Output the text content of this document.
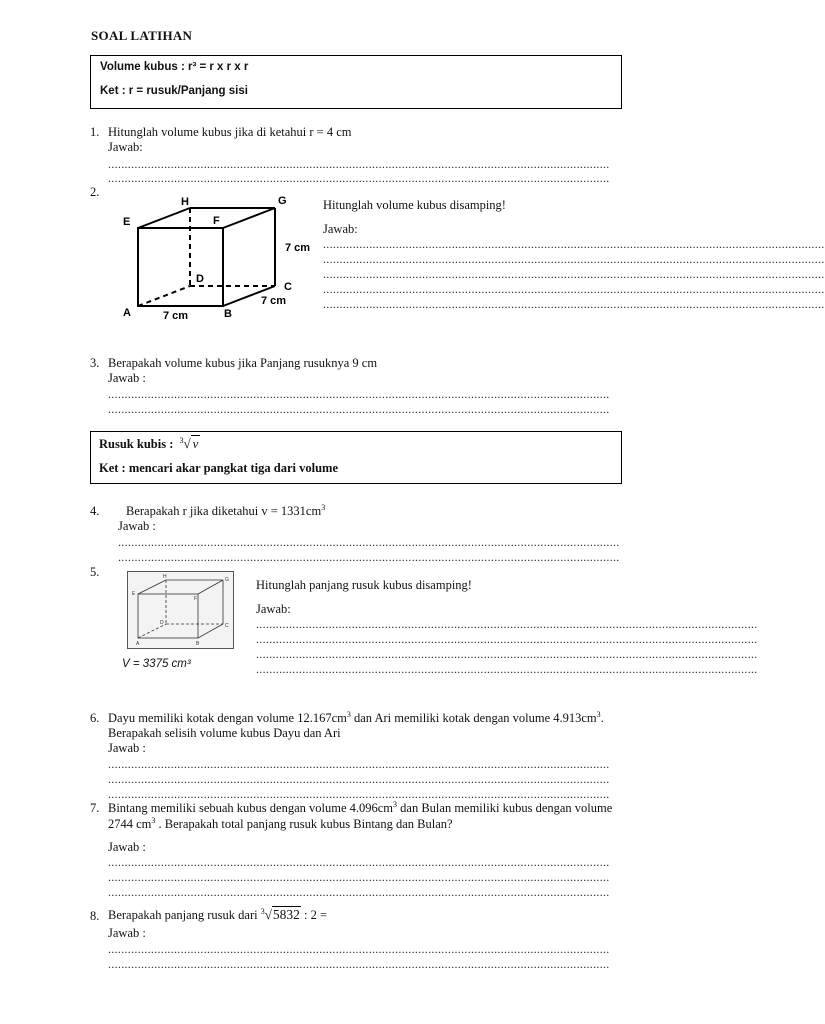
SOAL LATIHAN
Volume kubus : r³ = r x r x r
Ket : r = rusuk/Panjang sisi
1. Hitunglah volume kubus jika di ketahui r = 4 cm
Jawab:
........................................................................................................................................................
........................................................................................................................................................
2.
E
H
F
G
D
C
A	B
7 cm
7 cm
7 cm
Hitunglah volume kubus disamping!
Jawab:
........................................................................................................................................................
........................................................................................................................................................
........................................................................................................................................................
........................................................................................................................................................
........................................................................................................................................................
3. Berapakah volume kubus jika Panjang rusuknya 9 cm
Jawab :
........................................................................................................................................................
........................................................................................................................................................
Rusuk kubis : $^3$√ v
Ket : mencari akar pangkat tiga dari volume
4. Berapakah r jika diketahui $v = 1331cm^3$
Jawab :
........................................................................................................................................................
........................................................................................................................................................
5.
E
H
F
G
D	C
A	B
V = 3375 cm³
Hitunglah panjang rusuk kubus disamping!
Jawab:
........................................................................................................................................................
........................................................................................................................................................
........................................................................................................................................................
........................................................................................................................................................
6. Dayu memiliki kotak dengan volume $12.167cm^3$ dan Ari memiliki kotak dengan volume $4.913cm^3$.
Berapakah selisih volume kubus Dayu dan Ari
Jawab :
........................................................................................................................................................
........................................................................................................................................................
........................................................................................................................................................
7. Bintang memiliki sebuah kubus dengan volume $4.096cm^3$ dan Bulan memiliki kubus dengan volume
2744 $cm^3$ . Berapakah total panjang rusuk kubus Bintang dan Bulan?
Jawab :
........................................................................................................................................................
........................................................................................................................................................
........................................................................................................................................................
8. Berapakah panjang rusuk dari $^3$√5832 : 2 =
Jawab :
........................................................................................................................................................
........................................................................................................................................................
